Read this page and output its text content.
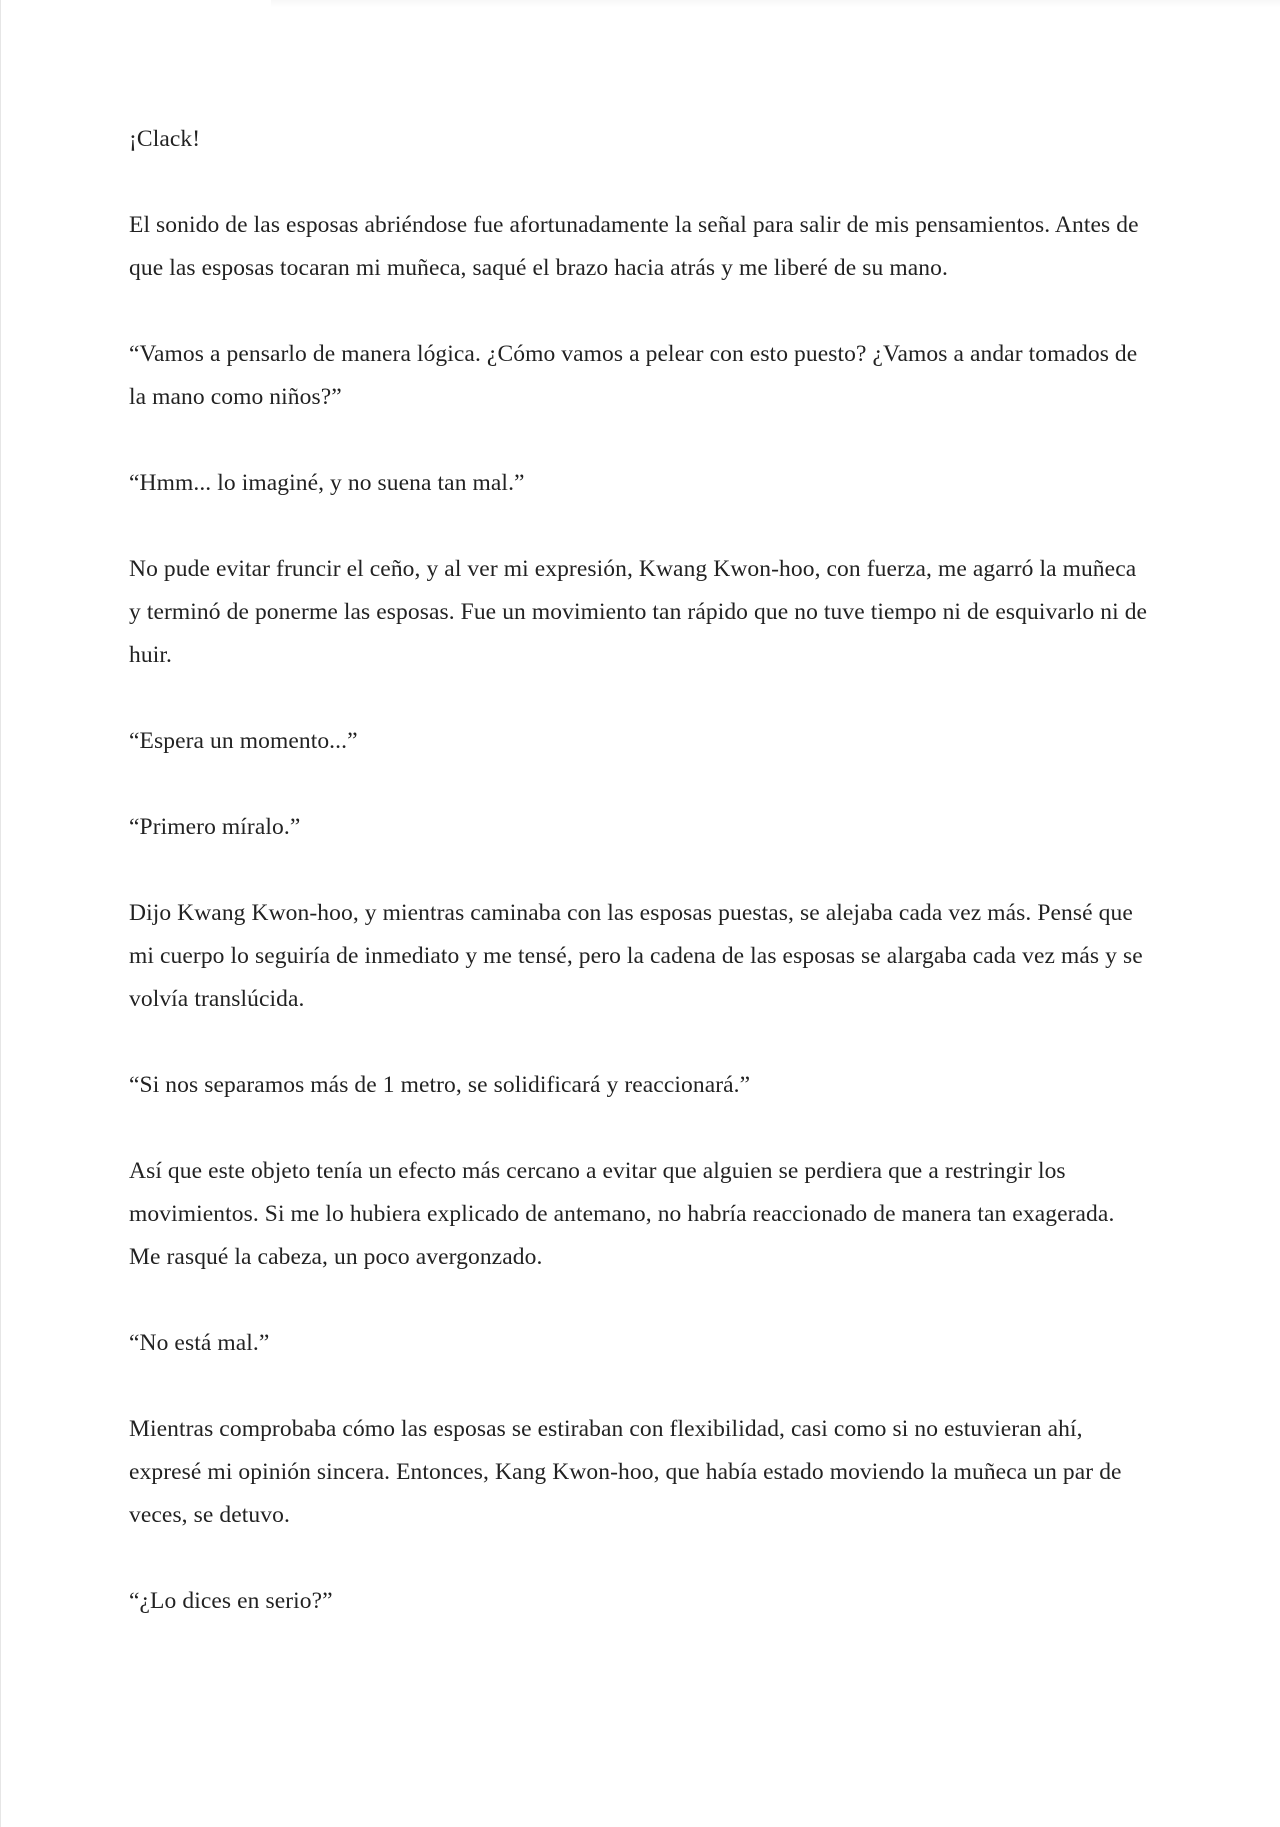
¡Clack!

El sonido de las esposas abriéndose fue afortunadamente la señal para salir de mis pensamientos. Antes de que las esposas tocaran mi muñeca, saqué el brazo hacia atrás y me liberé de su mano.

“Vamos a pensarlo de manera lógica. ¿Cómo vamos a pelear con esto puesto? ¿Vamos a andar tomados de la mano como niños?”

“Hmm... lo imaginé, y no suena tan mal.”

No pude evitar fruncir el ceño, y al ver mi expresión, Kwang Kwon-hoo, con fuerza, me agarró la muñeca y terminó de ponerme las esposas. Fue un movimiento tan rápido que no tuve tiempo ni de esquivarlo ni de huir.

“Espera un momento...”

“Primero míralo.”

Dijo Kwang Kwon-hoo, y mientras caminaba con las esposas puestas, se alejaba cada vez más. Pensé que mi cuerpo lo seguiría de inmediato y me tensé, pero la cadena de las esposas se alargaba cada vez más y se volvía translúcida.

“Si nos separamos más de 1 metro, se solidificará y reaccionará.”

Así que este objeto tenía un efecto más cercano a evitar que alguien se perdiera que a restringir los movimientos. Si me lo hubiera explicado de antemano, no habría reaccionado de manera tan exagerada. Me rasqué la cabeza, un poco avergonzado.

“No está mal.”

Mientras comprobaba cómo las esposas se estiraban con flexibilidad, casi como si no estuvieran ahí, expresé mi opinión sincera. Entonces, Kang Kwon-hoo, que había estado moviendo la muñeca un par de veces, se detuvo.

“¿Lo dices en serio?”
